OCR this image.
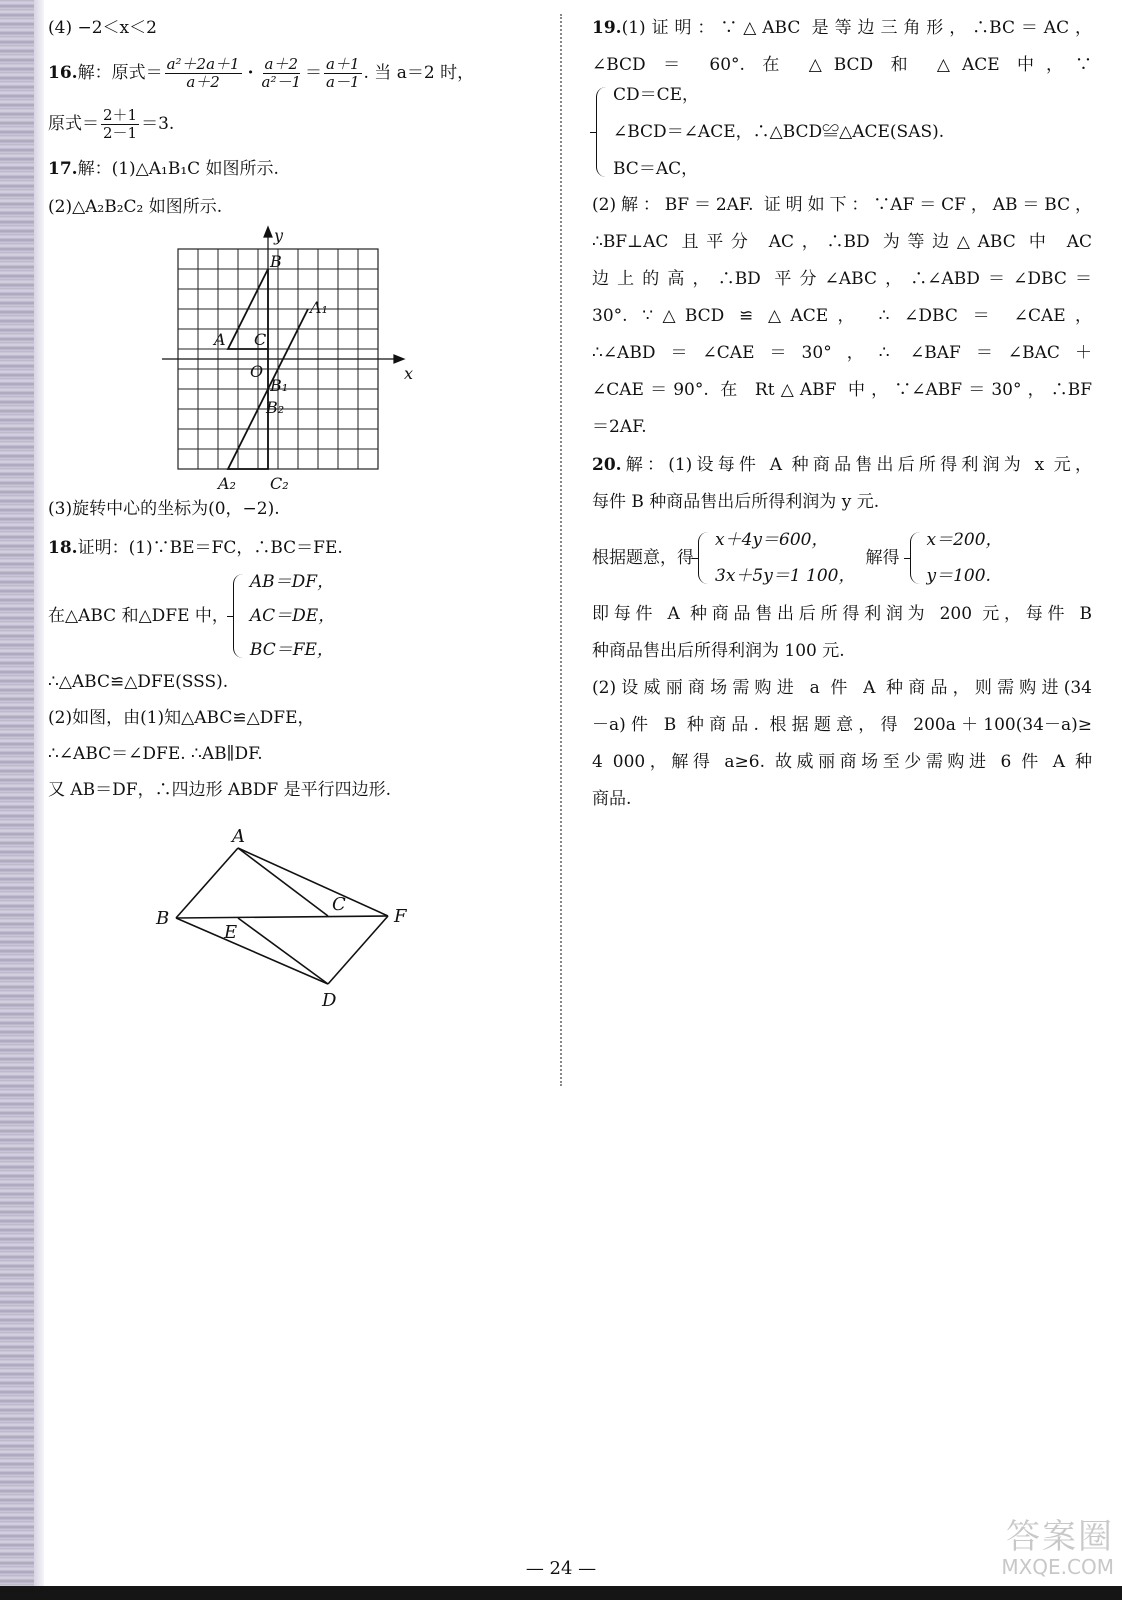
(4) −2＜x＜2

16. 解：原式＝ $\frac{\text{a²＋2a＋1}}{a+2} \cdot \frac{a+2}{\text{a²－1}} = \frac{a+1}{a-1}$ . 当 a＝2 时，
原式＝ $\frac{2+1}{2-1} =3$.

17.解：(1)△A₁B₁C 如图所示.

(2)△A₂B₂C₂ 如图所示.

x
y
O
A
B
C
A₁
B₁
B₂
A₂ C₂

(3)旋转中心的坐标为(0，−2).

18.证明：(1)∵BE＝FC，∴BC＝FE.

在△ABC 和△DFE 中，
AB＝DF，
AC＝DE，
BC＝FE，

∴△ABC≌△DFE(SSS).

(2)如图，由(1)知△ABC≌△DFE，

∴∠ABC＝∠DFE. ∴AB∥DF.

又 AB＝DF，∴四边形 ABDF 是平行四边形.

A
B
C
D
E
F

19.(1)证明：∵△ABC 是等边三角形，∴BC＝AC，

∠BCD ＝ 60°. 在 △BCD 和 △ACE 中，∵

CD＝CE，
∠BCD＝∠ACE，∴△BCD≌△ACE(SAS).
BC＝AC，

(2)解：BF＝2AF. 证明如下：∵AF＝CF，AB＝BC，

∴BF⊥AC 且平分 AC，∴BD 为等边△ABC 中 AC

边上的高，∴BD 平分∠ABC，∴∠ABD＝∠DBC＝

30°. ∵△BCD ≌ △ACE， ∴ ∠DBC ＝ ∠CAE，

∴∠ABD＝∠CAE＝30°，∴ ∠BAF＝∠BAC＋

∠CAE＝90°. 在 Rt△ABF 中，∵∠ABF＝30°，∴BF

＝2AF.

20.解：(1)设每件 A 种商品售出后所得利润为 x 元，

每件 B 种商品售出后所得利润为 y 元.

根据题意，得
x＋4y＝600，
3x＋5y＝1 100，
解得
x＝200，
y＝100.

即每件 A 种商品售出后所得利润为 200 元，每件 B

种商品售出后所得利润为 100 元.

(2)设威丽商场需购进 a 件 A 种商品，则需购进(34

－a)件 B 种商品. 根据题意，得 200a＋100(34－a)≥

4 000，解得 a≥6. 故威丽商场至少需购进 6 件 A 种

商品.

— 24 —
答案圈
MXQE.COM
